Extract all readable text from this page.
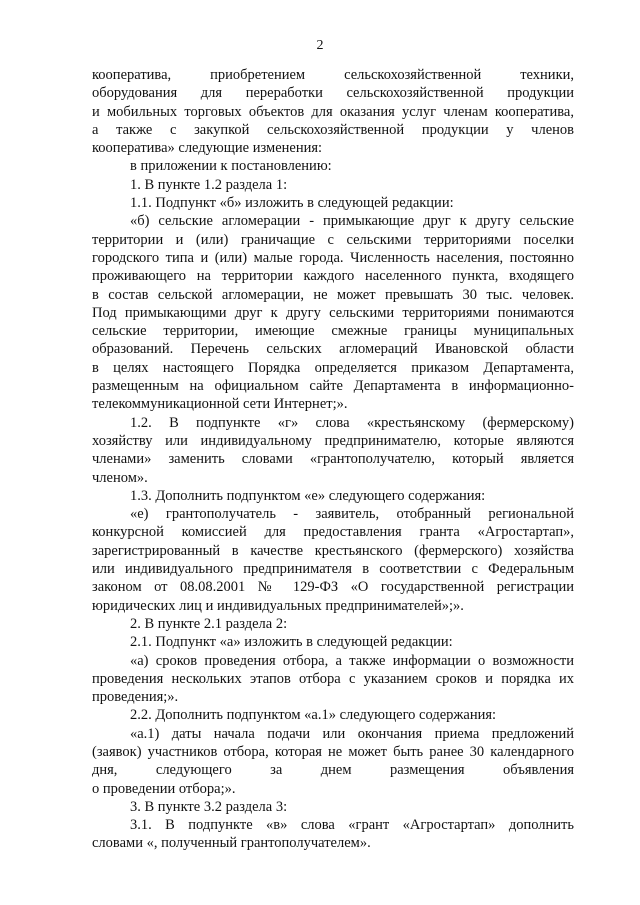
2
кооператива, приобретением сельскохозяйственной техники,
оборудования для переработки сельскохозяйственной продукции
и мобильных торговых объектов для оказания услуг членам кооператива,
а также с закупкой сельскохозяйственной продукции у членов
кооператива» следующие изменения:
в приложении к постановлению:
1. В пункте 1.2 раздела 1:
1.1. Подпункт «б» изложить в следующей редакции:
«б) сельские агломерации - примыкающие друг к другу сельские
территории и (или) граничащие с сельскими территориями поселки
городского типа и (или) малые города. Численность населения, постоянно
проживающего на территории каждого населенного пункта, входящего
в состав сельской агломерации, не может превышать 30 тыс. человек.
Под примыкающими друг к другу сельскими территориями понимаются
сельские территории, имеющие смежные границы муниципальных
образований. Перечень сельских агломераций Ивановской области
в целях настоящего Порядка определяется приказом Департамента,
размещенным на официальном сайте Департамента в информационно-
телекоммуникационной сети Интернет;».
1.2. В подпункте «г» слова «крестьянскому (фермерскому)
хозяйству или индивидуальному предпринимателю, которые являются
членами» заменить словами «грантополучателю, который является
членом».
1.3. Дополнить подпунктом «е» следующего содержания:
«е) грантополучатель - заявитель, отобранный региональной
конкурсной комиссией для предоставления гранта «Агростартап»,
зарегистрированный в качестве крестьянского (фермерского) хозяйства
или индивидуального предпринимателя в соответствии с Федеральным
законом от 08.08.2001 № 129-ФЗ «О государственной регистрации
юридических лиц и индивидуальных предпринимателей»;».
2. В пункте 2.1 раздела 2:
2.1. Подпункт «а» изложить в следующей редакции:
«а) сроков проведения отбора, а также информации о возможности
проведения нескольких этапов отбора с указанием сроков и порядка их
проведения;».
2.2. Дополнить подпунктом «а.1» следующего содержания:
«а.1) даты начала подачи или окончания приема предложений
(заявок) участников отбора, которая не может быть ранее 30 календарного
дня, следующего за днем размещения объявления
о проведении отбора;».
3. В пункте 3.2 раздела 3:
3.1. В подпункте «в» слова «грант «Агростартап» дополнить
словами «, полученный грантополучателем».
